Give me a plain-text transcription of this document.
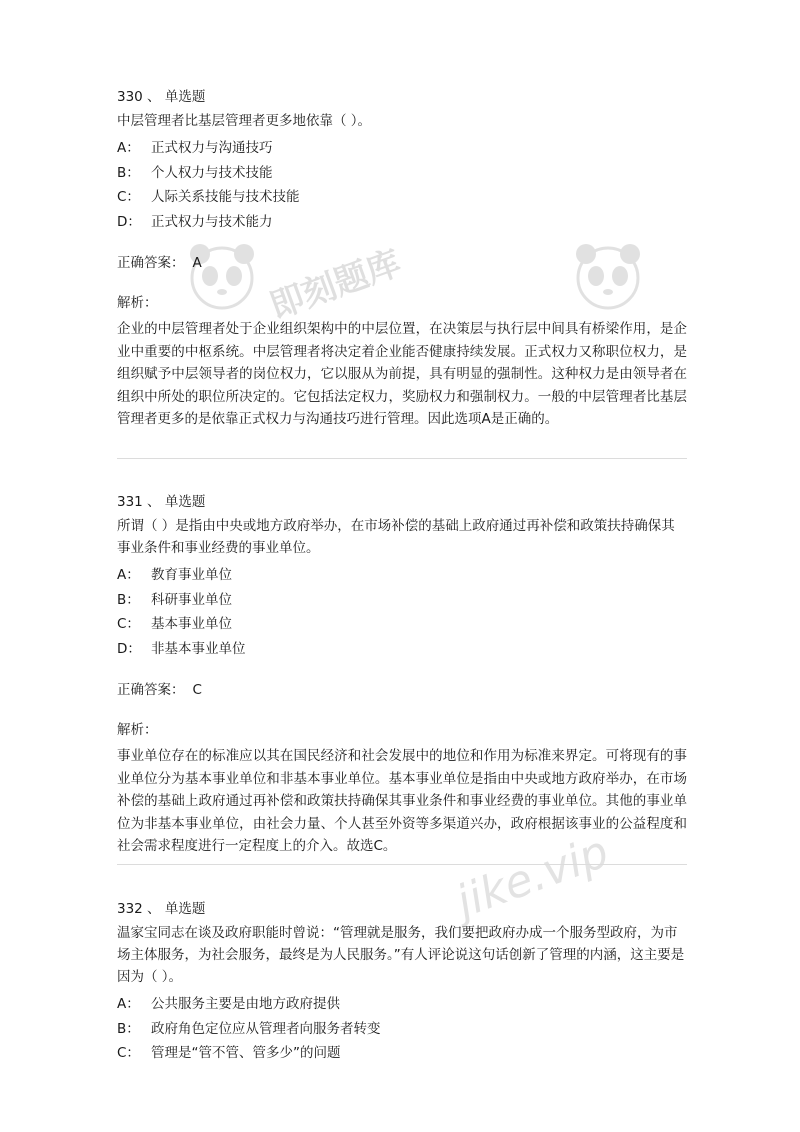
即刻题库
jike.vip
330 、 单选题
中层管理者比基层管理者更多地依靠（ ）。
A： 正式权力与沟通技巧
B： 个人权力与技术技能
C： 人际关系技能与技术技能
D： 正式权力与技术能力
正确答案： A
解析：
企业的中层管理者处于企业组织架构中的中层位置，在决策层与执行层中间具有桥梁作用，是企业中重要的中枢系统。中层管理者将决定着企业能否健康持续发展。正式权力又称职位权力，是组织赋予中层领导者的岗位权力，它以服从为前提，具有明显的强制性。这种权力是由领导者在组织中所处的职位所决定的。它包括法定权力，奖励权力和强制权力。一般的中层管理者比基层管理者更多的是依靠正式权力与沟通技巧进行管理。因此选项A是正确的。
331 、 单选题
所谓（ ）是指由中央或地方政府举办，在市场补偿的基础上政府通过再补偿和政策扶持确保其事业条件和事业经费的事业单位。
A： 教育事业单位
B： 科研事业单位
C： 基本事业单位
D： 非基本事业单位
正确答案： C
解析：
事业单位存在的标准应以其在国民经济和社会发展中的地位和作用为标准来界定。可将现有的事业单位分为基本事业单位和非基本事业单位。基本事业单位是指由中央或地方政府举办，在市场补偿的基础上政府通过再补偿和政策扶持确保其事业条件和事业经费的事业单位。其他的事业单位为非基本事业单位，由社会力量、个人甚至外资等多渠道兴办，政府根据该事业的公益程度和社会需求程度进行一定程度上的介入。故选C。
332 、 单选题
温家宝同志在谈及政府职能时曾说：“管理就是服务，我们要把政府办成一个服务型政府，为市场主体服务，为社会服务，最终是为人民服务。”有人评论说这句话创新了管理的内涵，这主要是因为（ ）。
A： 公共服务主要是由地方政府提供
B： 政府角色定位应从管理者向服务者转变
C： 管理是“管不管、管多少”的问题
